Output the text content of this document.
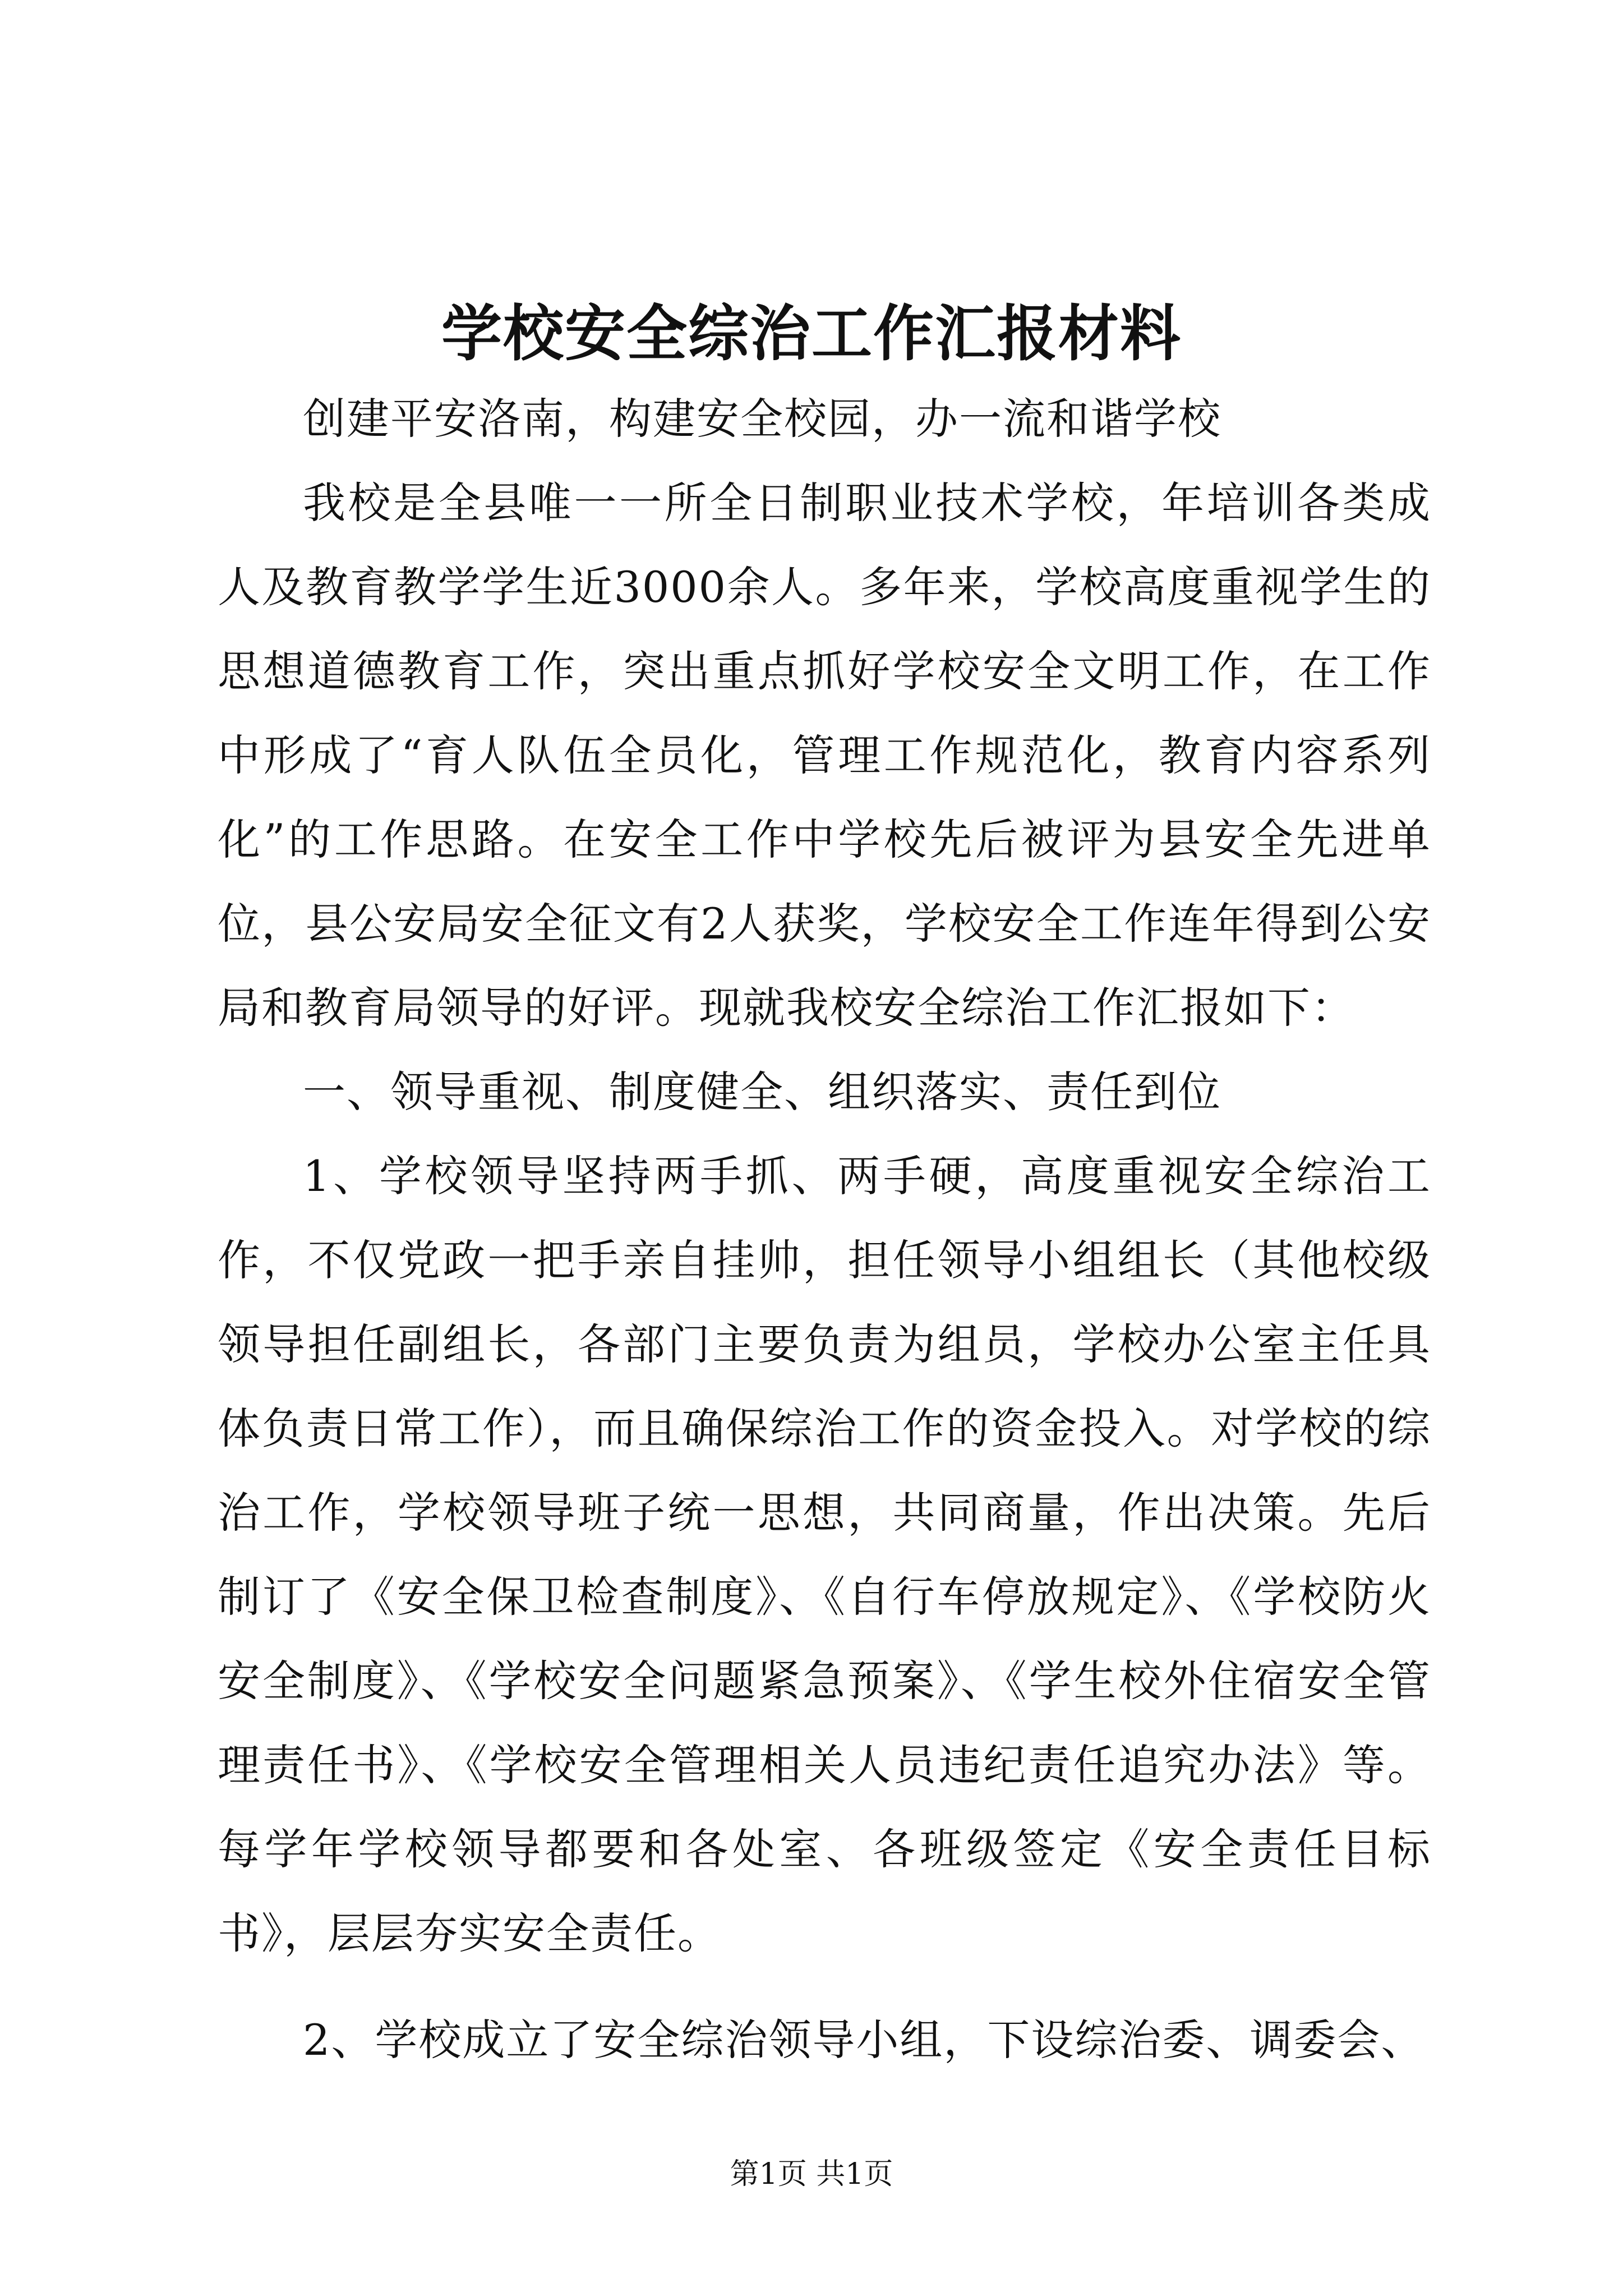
学校安全综治工作汇报材料

创建平安洛南，构建安全校园，办一流和谐学校

我校是全县唯一一所全日制职业技术学校，年培训各类成人及教育教学学生近3000余人。多年来，学校高度重视学生的思想道德教育工作，突出重点抓好学校安全文明工作，在工作中形成了“育人队伍全员化，管理工作规范化，教育内容系列化”的工作思路。在安全工作中学校先后被评为县安全先进单位，县公安局安全征文有2人获奖，学校安全工作连年得到公安局和教育局领导的好评。现就我校安全综治工作汇报如下：

一、领导重视、制度健全、组织落实、责任到位

1、学校领导坚持两手抓、两手硬，高度重视安全综治工作，不仅党政一把手亲自挂帅，担任领导小组组长（其他校级领导担任副组长，各部门主要负责为组员，学校办公室主任具体负责日常工作），而且确保综治工作的资金投入。对学校的综治工作，学校领导班子统一思想，共同商量，作出决策。先后制订了《安全保卫检查制度》、《自行车停放规定》、《学校防火安全制度》、《学校安全问题紧急预案》、《学生校外住宿安全管理责任书》、《学校安全管理相关人员违纪责任追究办法》等。每学年学校领导都要和各处室、各班级签定《安全责任目标书》，层层夯实安全责任。

2、学校成立了安全综治领导小组，下设综治委、调委会、

第1页 共1页
